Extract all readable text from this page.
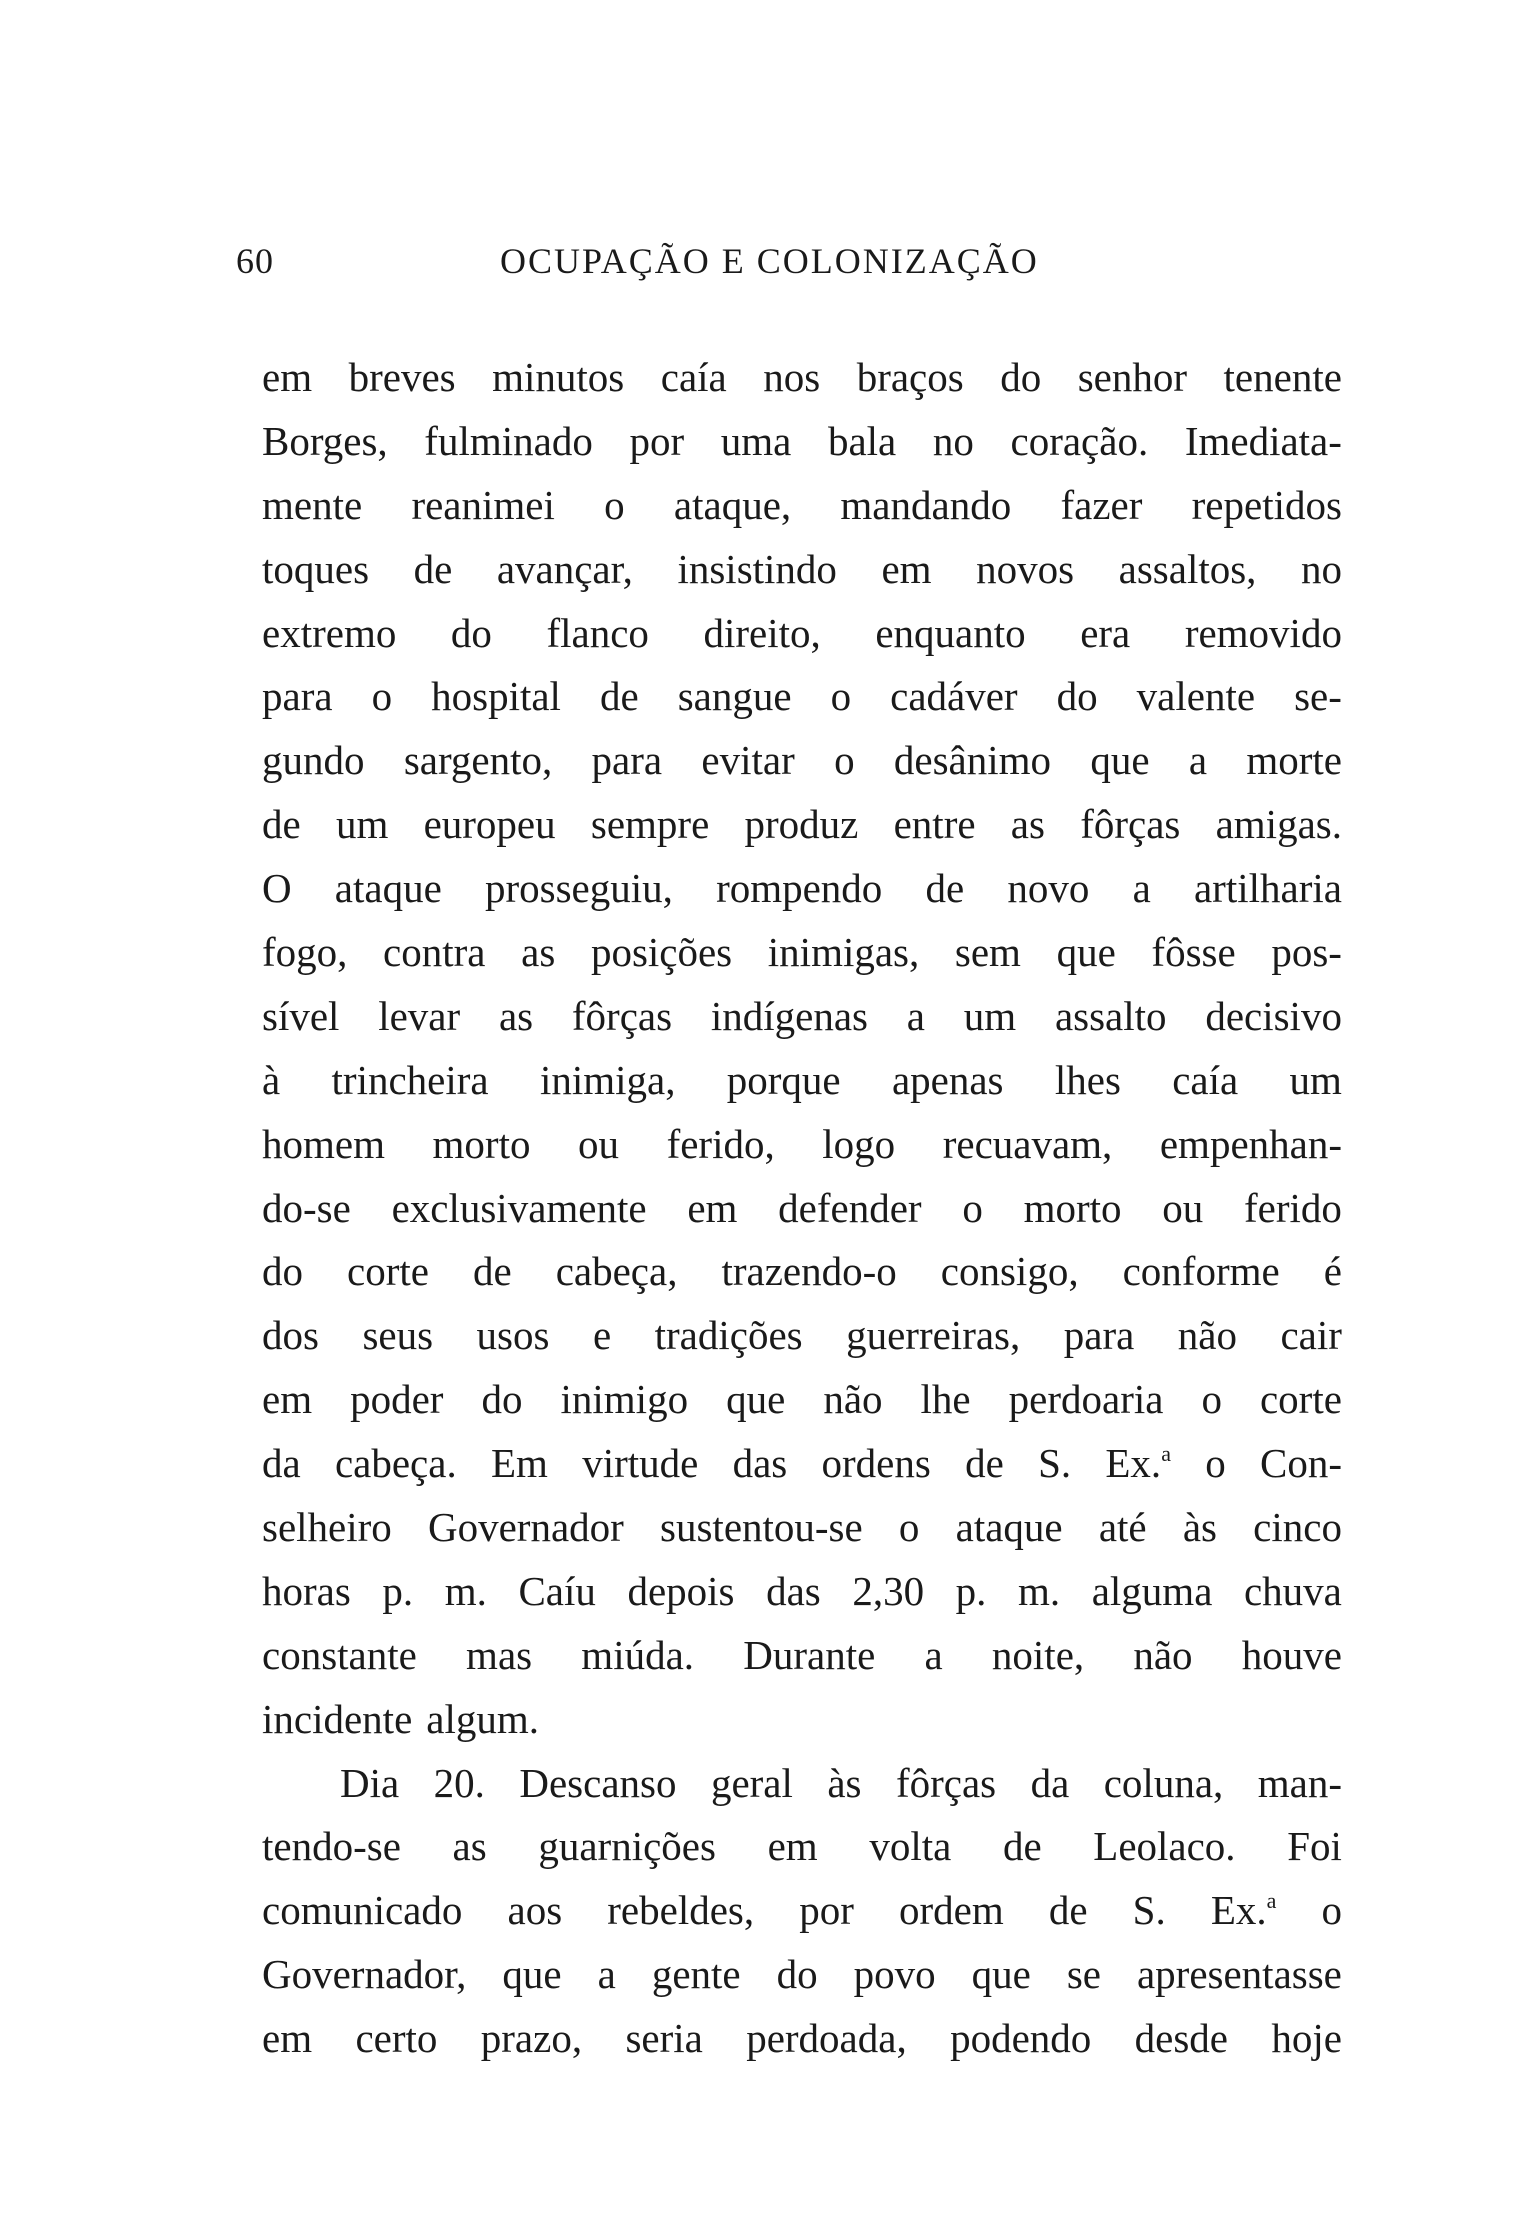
60	OCUPAÇÃO E COLONIZAÇÃO
em breves minutos caía nos braços do senhor tenente
Borges, fulminado por uma bala no coração. Imediata-
mente reanimei o ataque, mandando fazer repetidos
toques de avançar, insistindo em novos assaltos, no
extremo do flanco direito, enquanto era removido
para o hospital de sangue o cadáver do valente se-
gundo sargento, para evitar o desânimo que a morte
de um europeu sempre produz entre as fôrças amigas.
O ataque prosseguiu, rompendo de novo a artilharia
fogo, contra as posições inimigas, sem que fôsse pos-
sível levar as fôrças indígenas a um assalto decisivo
à trincheira inimiga, porque apenas lhes caía um
homem morto ou ferido, logo recuavam, empenhan-
do-se exclusivamente em defender o morto ou ferido
do corte de cabeça, trazendo-o consigo, conforme é
dos seus usos e tradições guerreiras, para não cair
em poder do inimigo que não lhe perdoaria o corte
da cabeça. Em virtude das ordens de S. Ex.$^a$ o Con-
selheiro Governador sustentou-se o ataque até às cinco
horas p. m. Caíu depois das 2,30 p. m. alguma chuva
constante mas miúda. Durante a noite, não houve
incidente algum.
Dia 20. Descanso geral às fôrças da coluna, man-
tendo-se as guarnições em volta de Leolaco. Foi
comunicado aos rebeldes, por ordem de S. Ex.$^a$ o
Governador, que a gente do povo que se apresentasse
em certo prazo, seria perdoada, podendo desde hoje
